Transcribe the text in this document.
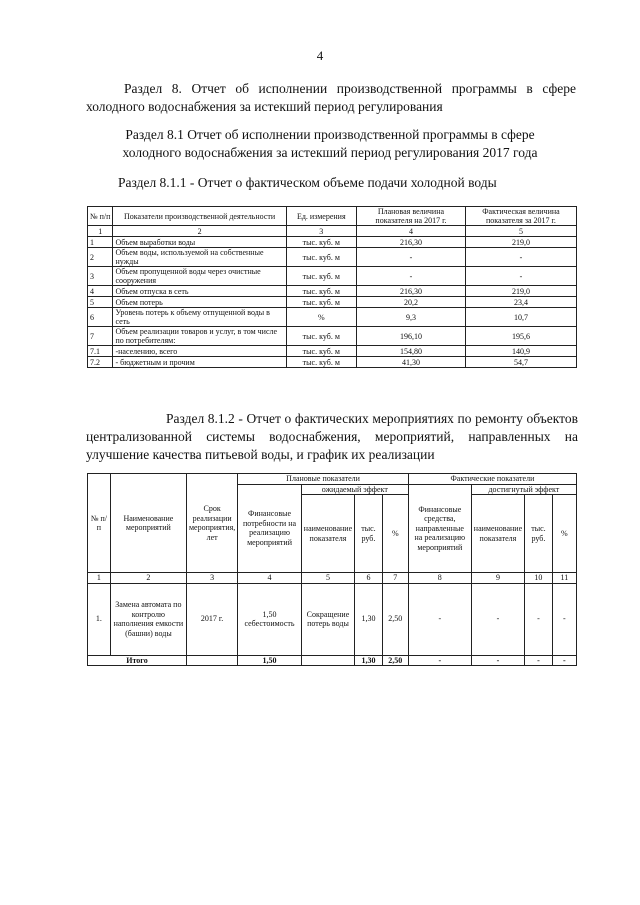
4
Раздел 8. Отчет об исполнении производственной программы в сфере холодного водоснабжения за истекший период регулирования
Раздел 8.1 Отчет об исполнении производственной программы в сфере
холодного водоснабжения за истекший период регулирования 2017 года
Раздел 8.1.1 - Отчет о фактическом объеме подачи холодной воды
№ п/п	Показатели производственной деятельности	Ед. измерения	Плановая величина показателя на 2017 г.	Фактическая величина показателя за 2017 г.
1	2	3	4	5
1	Объем выработки воды	тыс. куб. м	216,30	219,0
2	Объем воды, используемой на собственные нужды	тыс. куб. м	-	-
3	Объем пропущенной воды через очистные сооружения	тыс. куб. м	-	-
4	Объем отпуска в сеть	тыс. куб. м	216,30	219,0
5	Объем потерь	тыс. куб. м	20,2	23,4
6	Уровень потерь к объему отпущенной воды в сеть	%	9,3	10,7
7	Объем реализации товаров и услуг, в том числе по потребителям:	тыс. куб. м	196,10	195,6
7.1	-населению, всего	тыс. куб. м	154,80	140,9
7.2	- бюджетным и прочим	тыс. куб. м	41,30	54,7
Раздел 8.1.2 - Отчет о фактических мероприятиях по ремонту объектов централизованной системы водоснабжения, мероприятий, направленных на улучшение качества питьевой воды, и график их реализации
№ п/ п	Наименование мероприятий	Срок реализации мероприятия, лет	Плановые показатели				Фактические показатели			
			Финансовые потребности на реализацию мероприятий	ожидаемый эффект			Финансовые средства, направленные на реализацию мероприятий	достигнутый эффект		
				наименование показателя	тыс. руб.	%		наименование показателя	тыс. руб.	%
1	2	3	4	5	6	7	8	9	10	11
1.	Замена автомата по контролю наполнения емкости (башни) воды	2017 г.	1,50 себестоимость	Сокращение потерь воды	1,30	2,50	-	-	-	-
Итого			1,50		1,30	2,50	-	-	-	-
